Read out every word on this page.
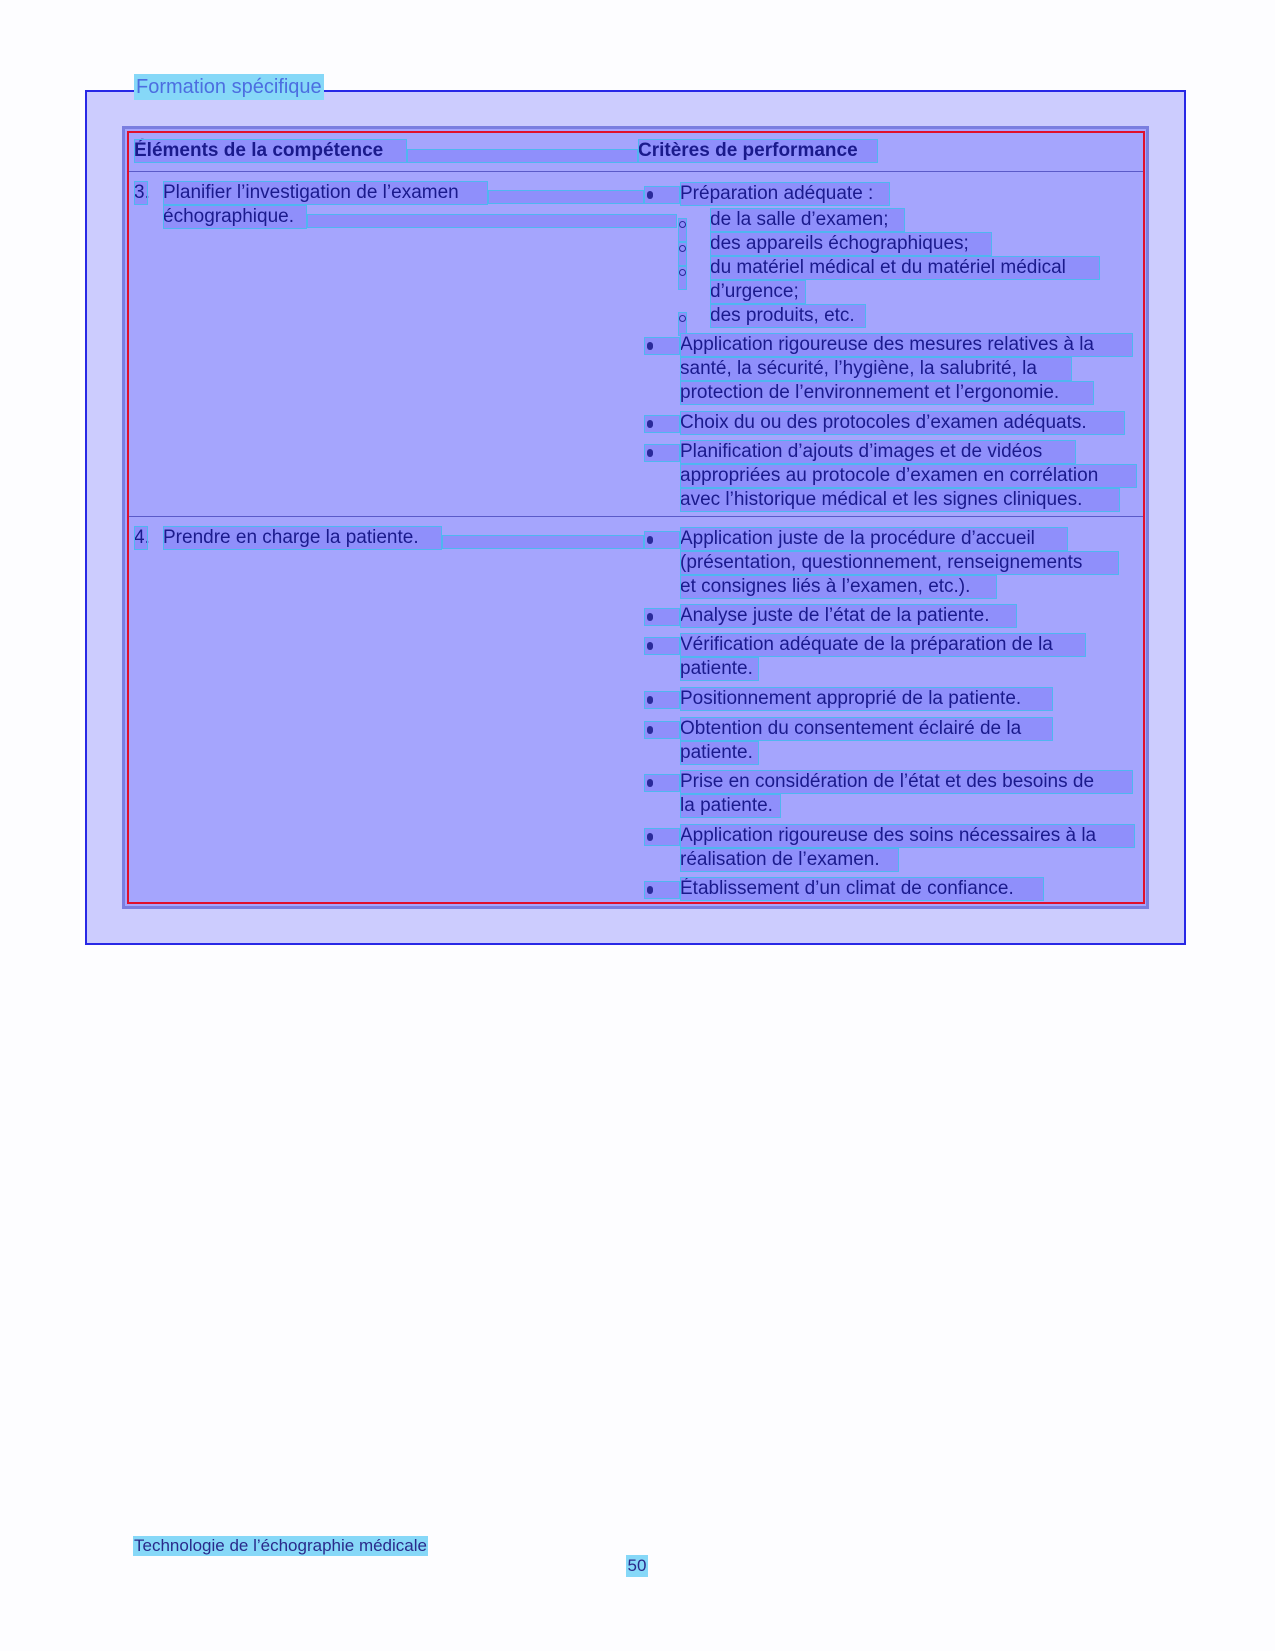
Formation spécifique
Éléments de la compétence	Critères de performance
3. Planifier l’investigation de l’examen
échographique.
Préparation adéquate :
de la salle d’examen;
des appareils échographiques;
du matériel médical et du matériel médical
d’urgence;
des produits, etc.
Application rigoureuse des mesures relatives à la
santé, la sécurité, l’hygiène, la salubrité, la
protection de l’environnement et l’ergonomie.
Choix du ou des protocoles d’examen adéquats.
Planification d’ajouts d’images et de vidéos
appropriées au protocole d’examen en corrélation
avec l’historique médical et les signes cliniques.
4. Prendre en charge la patiente.	Application juste de la procédure d’accueil
(présentation, questionnement, renseignements
et consignes liés à l’examen, etc.).
Analyse juste de l’état de la patiente.
Vérification adéquate de la préparation de la
patiente.
Positionnement approprié de la patiente.
Obtention du consentement éclairé de la
patiente.
Prise en considération de l’état et des besoins de
la patiente.
Application rigoureuse des soins nécessaires à la
réalisation de l’examen.
Établissement d’un climat de confiance.
Technologie de l’échographie médicale
50
